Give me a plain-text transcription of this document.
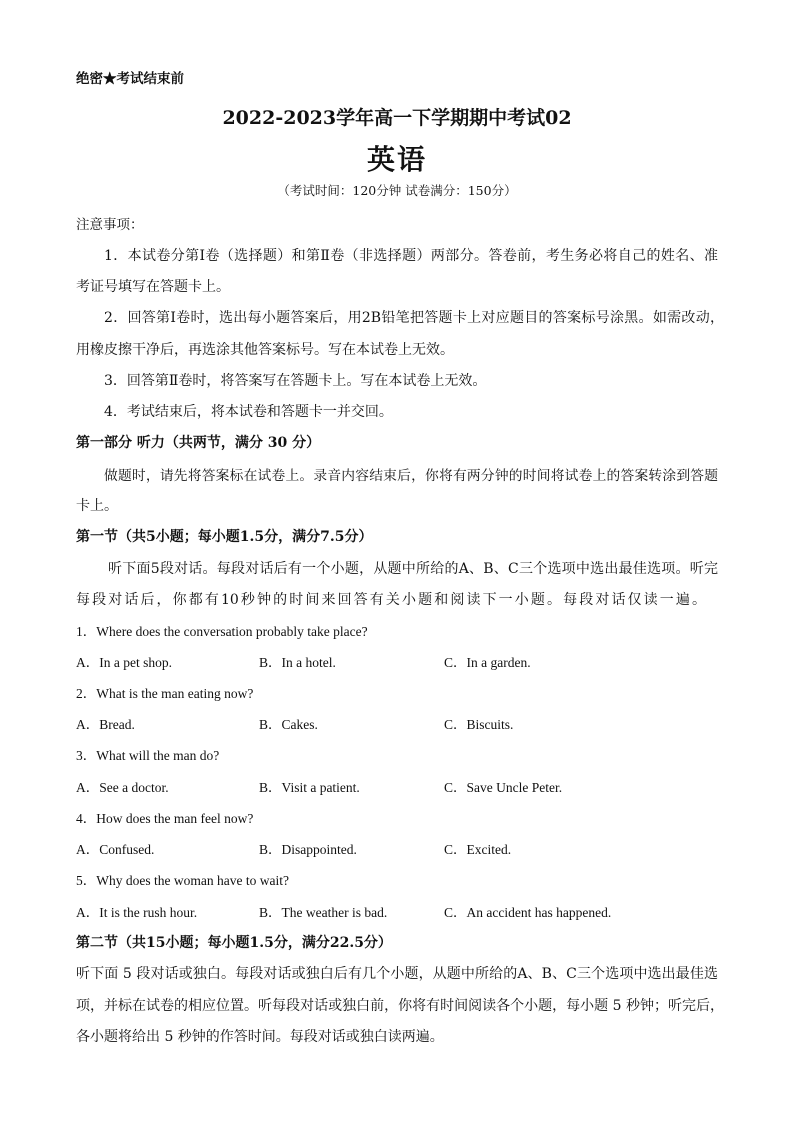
绝密★考试结束前
2022-2023学年高一下学期期中考试02
英语
（考试时间：120分钟 试卷满分：150分）
注意事项：
1．本试卷分第Ⅰ卷（选择题）和第Ⅱ卷（非选择题）两部分。答卷前，考生务必将自己的姓名、准
考证号填写在答题卡上。
2．回答第Ⅰ卷时，选出每小题答案后，用2B铅笔把答题卡上对应题目的答案标号涂黑。如需改动，
用橡皮擦干净后，再选涂其他答案标号。写在本试卷上无效。
3．回答第Ⅱ卷时，将答案写在答题卡上。写在本试卷上无效。
4．考试结束后，将本试卷和答题卡一并交回。
第一部分 听力（共两节，满分 30 分）
做题时，请先将答案标在试卷上。录音内容结束后，你将有两分钟的时间将试卷上的答案转涂到答题
卡上。
第一节（共5小题；每小题1.5分，满分7.5分）
听下面5段对话。每段对话后有一个小题，从题中所给的A、B、C三个选项中选出最佳选项。听完
每段对话后，你都有10秒钟的时间来回答有关小题和阅读下一小题。每段对话仅读一遍。
1．Where does the conversation probably take place?
A．In a pet shop.	B．In a hotel.	C．In a garden.
2．What is the man eating now?
A．Bread.	B．Cakes.	C．Biscuits.
3．What will the man do?
A．See a doctor.	B．Visit a patient.	C．Save Uncle Peter.
4．How does the man feel now?
A．Confused.	B．Disappointed.	C．Excited.
5．Why does the woman have to wait?
A．It is the rush hour.	B．The weather is bad.	C．An accident has happened.
第二节（共15小题；每小题1.5分，满分22.5分）
听下面 5 段对话或独白。每段对话或独白后有几个小题，从题中所给的A、B、C三个选项中选出最佳选
项，并标在试卷的相应位置。听每段对话或独白前，你将有时间阅读各个小题，每小题 5 秒钟；听完后，
各小题将给出 5 秒钟的作答时间。每段对话或独白读两遍。
